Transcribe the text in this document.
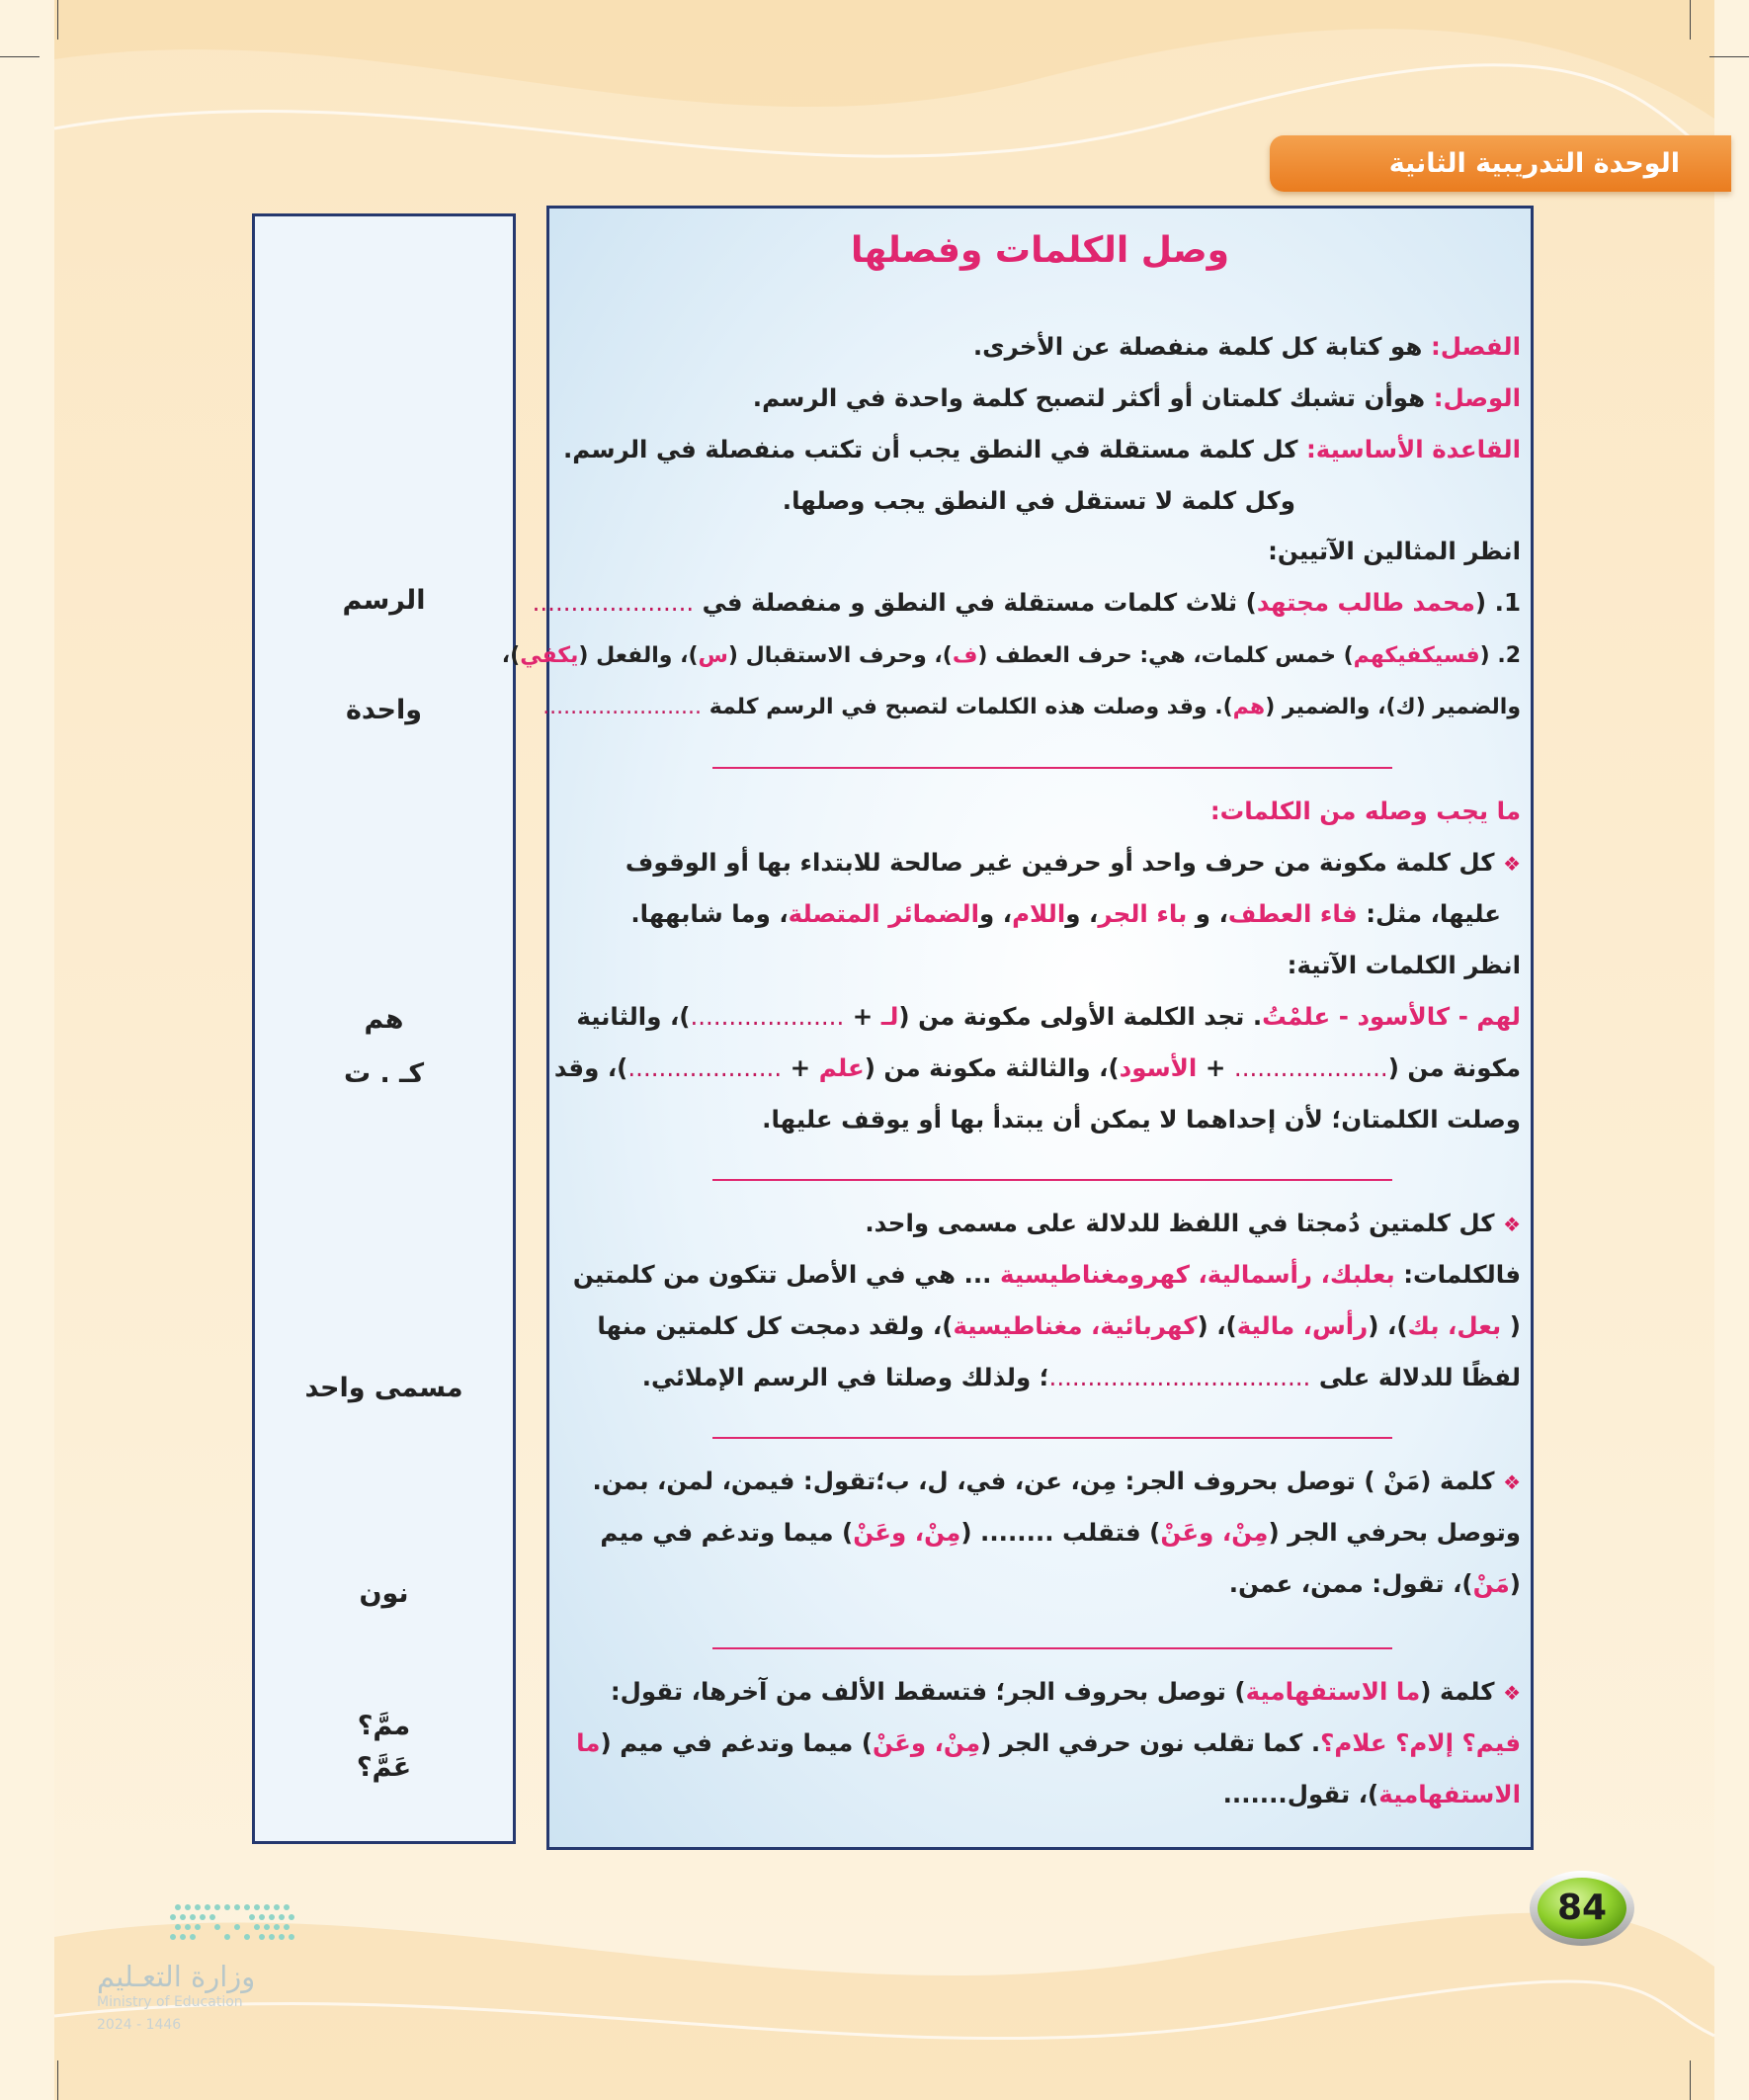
الوحدة التدريبية الثانية
الرسم
واحدة
هم
كـ . ت
مسمى واحد
نون
ممَّ؟
عَمَّ؟
وصل الكلمات وفصلها
الفصل: هو كتابة كل كلمة منفصلة عن الأخرى.
الوصل: هوأن تشبك كلمتان أو أكثر لتصبح كلمة واحدة في الرسم.
القاعدة الأساسية: كل كلمة مستقلة في النطق يجب أن تكتب منفصلة في الرسم.
وكل كلمة لا تستقل في النطق يجب وصلها.
انظر المثالين الآتيين:
1. (محمد طالب مجتهد) ثلاث كلمات مستقلة في النطق و منفصلة في .....................
2. (فسيكفيكهم) خمس كلمات، هي: حرف العطف (ف)، وحرف الاستقبال (س)، والفعل (يكفي)،
والضمير (ك)، والضمير (هم). وقد وصلت هذه الكلمات لتصبح في الرسم كلمة .......................
ما يجب وصله من الكلمات:
❖ كل كلمة مكونة من حرف واحد أو حرفين غير صالحة للابتداء بها أو الوقوف
عليها، مثل: فاء العطف، و باء الجر، واللام، والضمائر المتصلة، وما شابهها.
انظر الكلمات الآتية:
لهم - كالأسود - علمْتُ. تجد الكلمة الأولى مكونة من (لـ + ....................)، والثانية
مكونة من (.................... + الأسود)، والثالثة مكونة من (علم + ....................)، وقد
وصلت الكلمتان؛ لأن إحداهما لا يمكن أن يبتدأ بها أو يوقف عليها.
❖ كل كلمتين دُمجتا في اللفظ للدلالة على مسمى واحد.
فالكلمات: بعلبك، رأسمالية، كهرومغناطيسية ... هي في الأصل تتكون من كلمتين
( بعل، بك)، (رأس، مالية)، (كهربائية، مغناطيسية)، ولقد دمجت كل كلمتين منها
لفظًا للدلالة على ..................................؛ ولذلك وصلتا في الرسم الإملائي.
❖ كلمة (مَنْ ) توصل بحروف الجر: مِن، عن، في، ل، ب؛تقول: فيمن، لمن، بمن.
وتوصل بحرفي الجر (مِنْ، وعَنْ) فتقلب ........ (مِنْ، وعَنْ) ميما وتدغم في ميم
(مَنْ)، تقول: ممن، عمن.
❖ كلمة (ما الاستفهامية) توصل بحروف الجر؛ فتسقط الألف من آخرها، تقول:
فيم؟ إلام؟ علام؟. كما تقلب نون حرفي الجر (مِنْ، وعَنْ) ميما وتدغم في ميم (ما
الاستفهامية)، تقول.......
84
وزارة التعـليم
Ministry of Education
2024 - 1446
